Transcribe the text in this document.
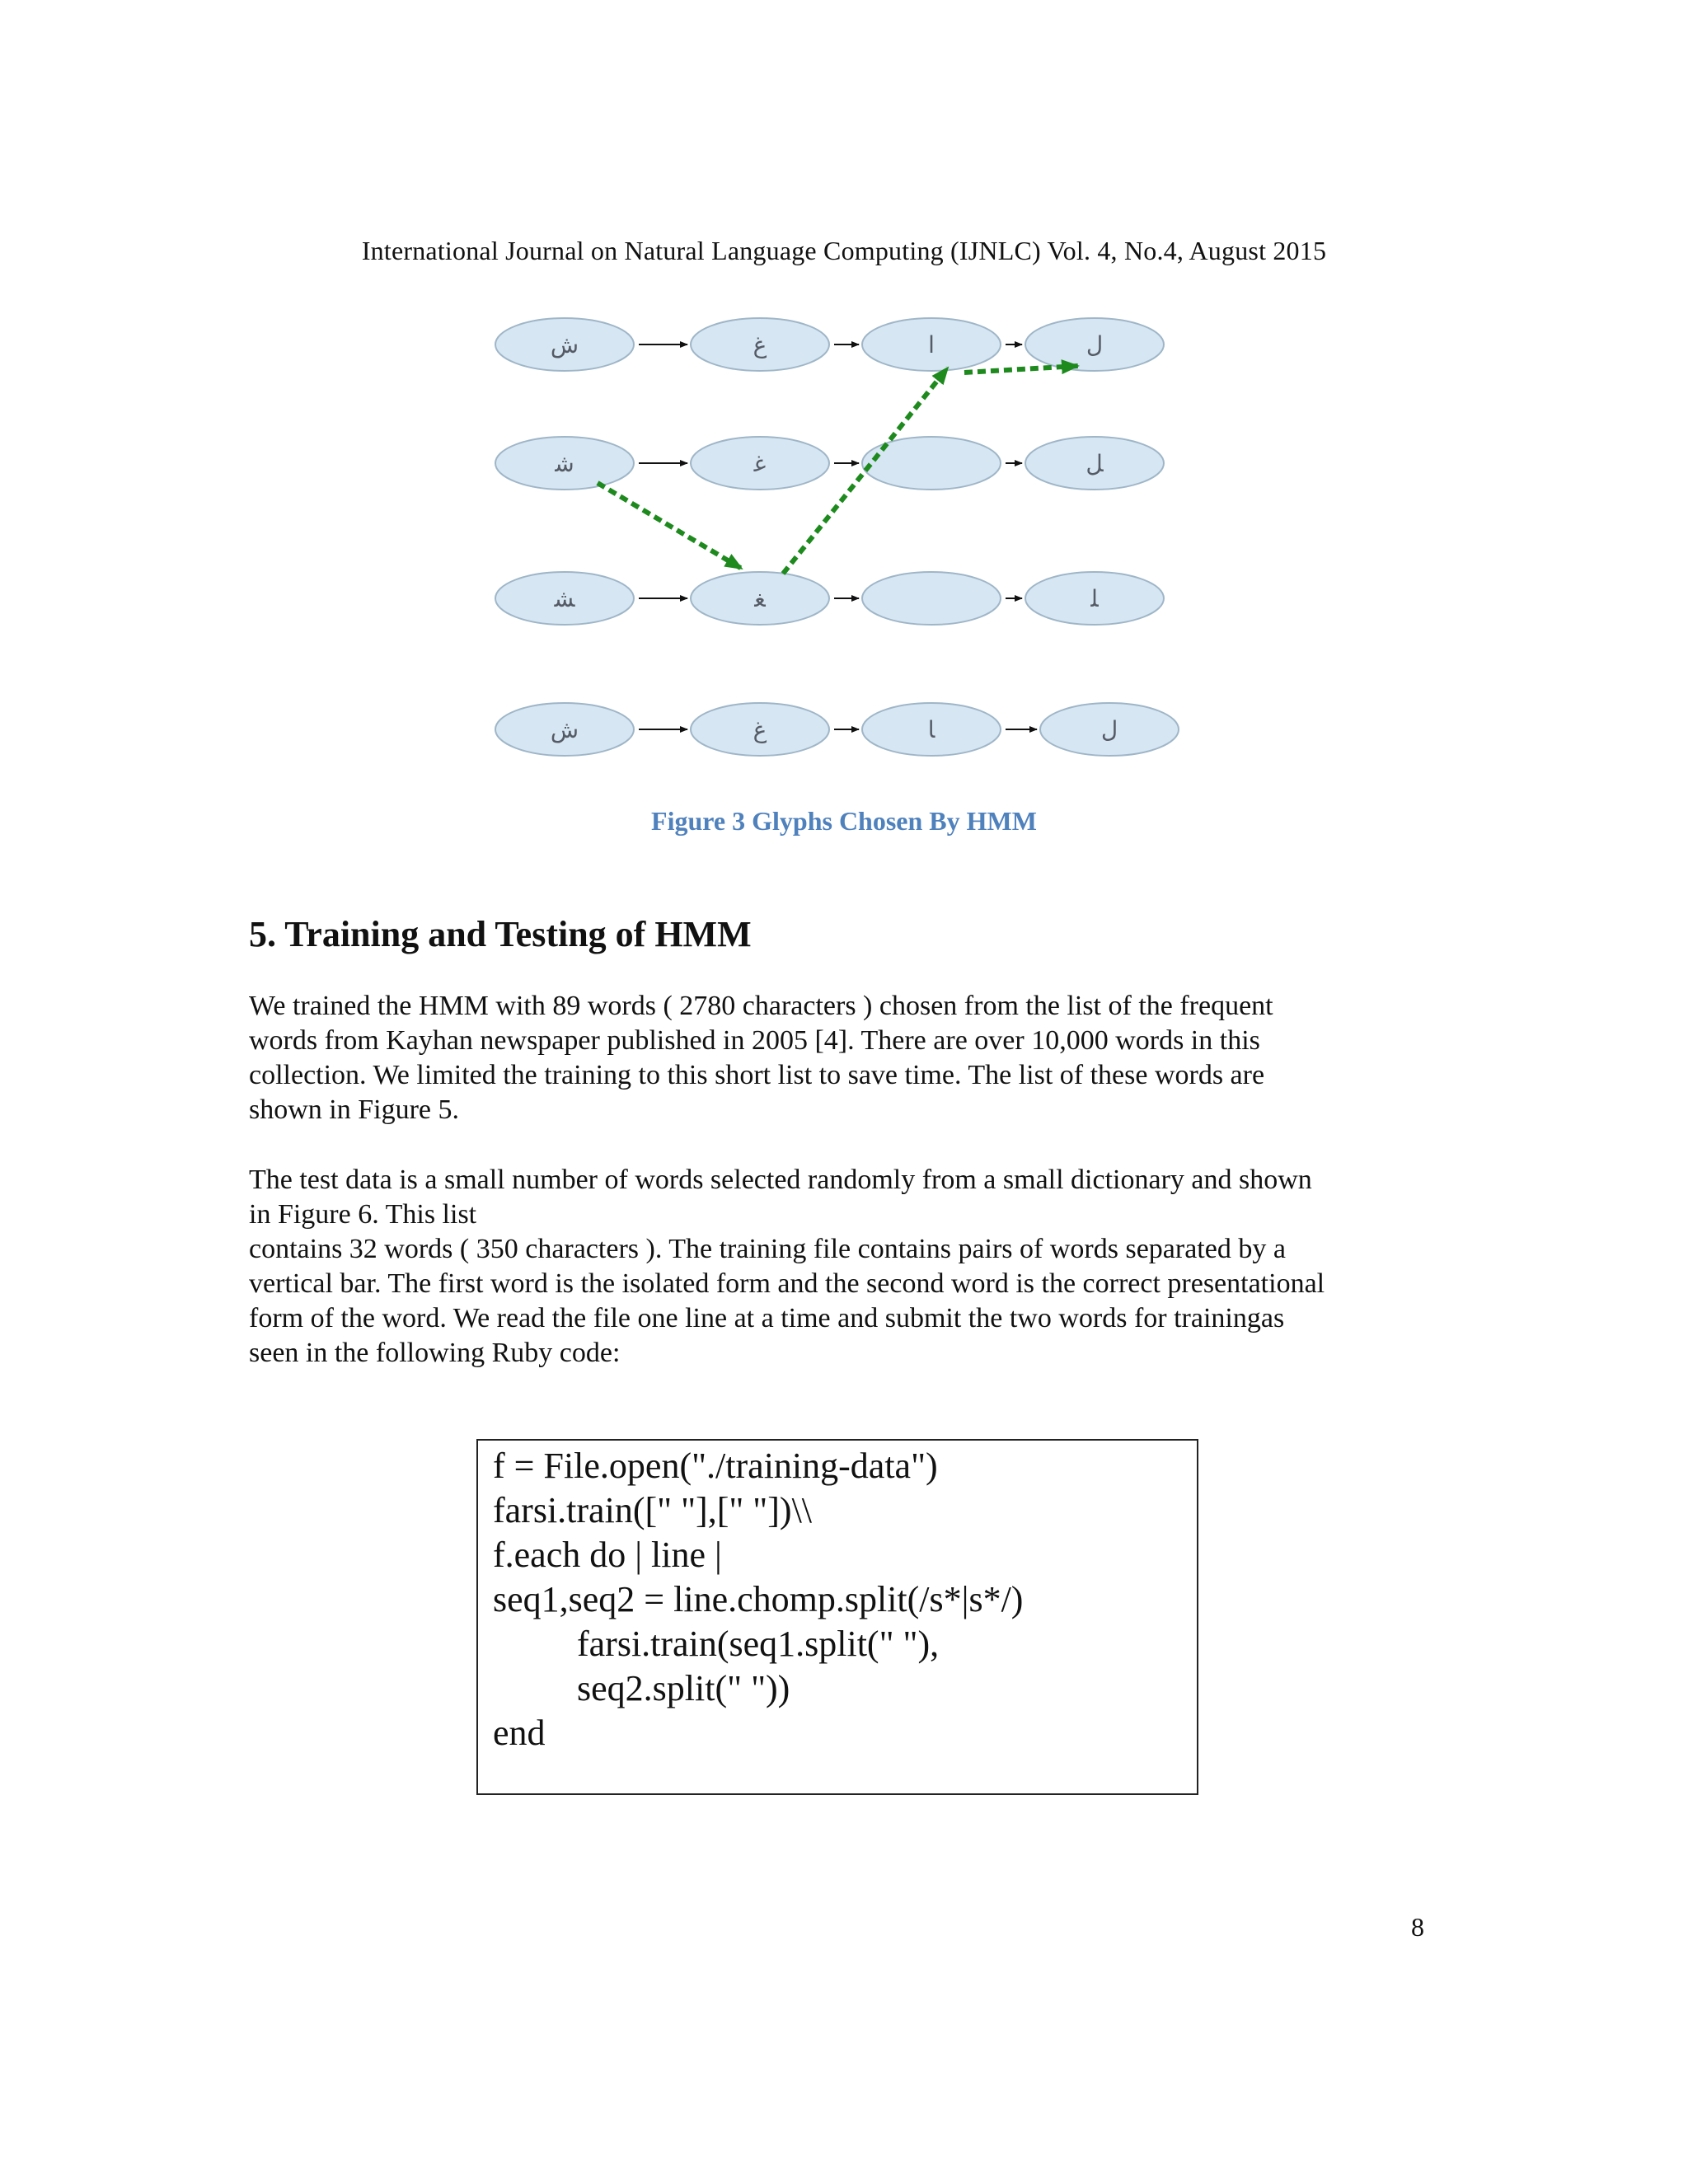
International Journal on Natural Language Computing (IJNLC) Vol. 4, No.4, August 2015
ش	غ	ا	ل
ﺷ	ﻏ	ﻞ
ﺸ	ﻐ	ﻠ
ش	غ	ﺎ	ل
Figure 3 Glyphs Chosen By HMM
5. Training and Testing of HMM
We trained the HMM with 89 words ( 2780 characters ) chosen from the list of the frequent
words from Kayhan newspaper published in 2005 [4]. There are over 10,000 words in this
collection. We limited the training to this short list to save time. The list of these words are
shown in Figure 5.
The test data is a small number of words selected randomly from a small dictionary and shown
in Figure 6. This list
contains 32 words ( 350 characters ). The training file contains pairs of words separated by a
vertical bar. The first word is the isolated form and the second word is the correct presentational
form of the word. We read the file one line at a time and submit the two words for trainingas
seen in the following Ruby code:
f = File.open("./training-data")
farsi.train([" "],[" "])\\
f.each do | line |
seq1,seq2 = line.chomp.split(/s*|s*/)
farsi.train(seq1.split(" "),
seq2.split(" "))
end
8
